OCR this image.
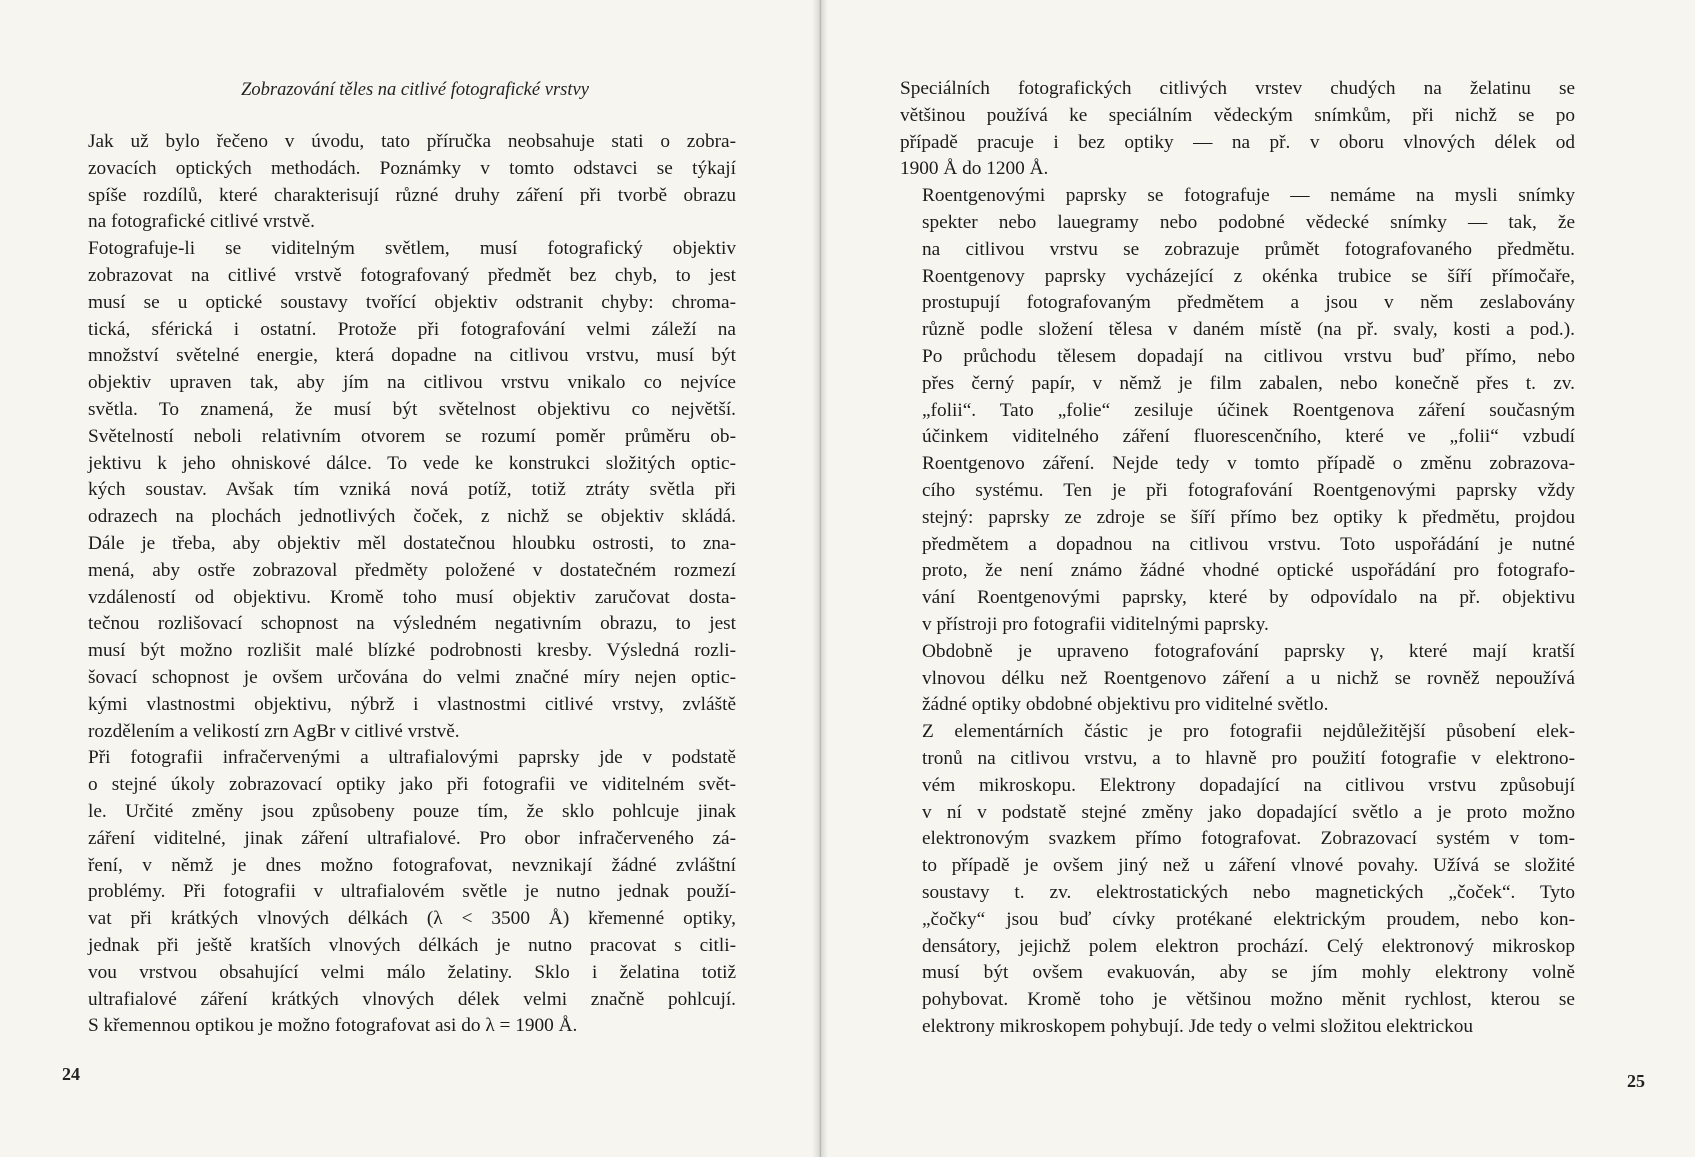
Zobrazování těles na citlivé fotografické vrstvy

Jak už bylo řečeno v úvodu, tato příručka neobsahuje stati o zobra-
zovacích optických methodách. Poznámky v tomto odstavci se týkají
spíše rozdílů, které charakterisují různé druhy záření při tvorbě obrazu
na fotografické citlivé vrstvě.

Fotografuje-li se viditelným světlem, musí fotografický objektiv
zobrazovat na citlivé vrstvě fotografovaný předmět bez chyb, to jest
musí se u optické soustavy tvořící objektiv odstranit chyby: chroma-
tická, sférická i ostatní. Protože při fotografování velmi záleží na
množství světelné energie, která dopadne na citlivou vrstvu, musí být
objektiv upraven tak, aby jím na citlivou vrstvu vnikalo co nejvíce
světla. To znamená, že musí být světelnost objektivu co největší.
Světelností neboli relativním otvorem se rozumí poměr průměru ob-
jektivu k jeho ohniskové dálce. To vede ke konstrukci složitých optic-
kých soustav. Avšak tím vzniká nová potíž, totiž ztráty světla při
odrazech na plochách jednotlivých čoček, z nichž se objektiv skládá.
Dále je třeba, aby objektiv měl dostatečnou hloubku ostrosti, to zna-
mená, aby ostře zobrazoval předměty položené v dostatečném rozmezí
vzdáleností od objektivu. Kromě toho musí objektiv zaručovat dosta-
tečnou rozlišovací schopnost na výsledném negativním obrazu, to jest
musí být možno rozlišit malé blízké podrobnosti kresby. Výsledná rozli-
šovací schopnost je ovšem určována do velmi značné míry nejen optic-
kými vlastnostmi objektivu, nýbrž i vlastnostmi citlivé vrstvy, zvláště
rozdělením a velikostí zrn AgBr v citlivé vrstvě.

Při fotografii infračervenými a ultrafialovými paprsky jde v podstatě
o stejné úkoly zobrazovací optiky jako při fotografii ve viditelném svět-
le. Určité změny jsou způsobeny pouze tím, že sklo pohlcuje jinak
záření viditelné, jinak záření ultrafialové. Pro obor infračerveného zá-
ření, v němž je dnes možno fotografovat, nevznikají žádné zvláštní
problémy. Při fotografii v ultrafialovém světle je nutno jednak použí-
vat při krátkých vlnových délkách (λ < 3500 Å) křemenné optiky,
jednak při ještě kratších vlnových délkách je nutno pracovat s citli-
vou vrstvou obsahující velmi málo želatiny. Sklo i želatina totiž
ultrafialové záření krátkých vlnových délek velmi značně pohlcují.
S křemennou optikou je možno fotografovat asi do λ = 1900 Å.

24

Speciálních fotografických citlivých vrstev chudých na želatinu se
většinou používá ke speciálním vědeckým snímkům, při nichž se po
případě pracuje i bez optiky — na př. v oboru vlnových délek od
1900 Å do 1200 Å.

Roentgenovými paprsky se fotografuje — nemáme na mysli snímky
spekter nebo lauegramy nebo podobné vědecké snímky — tak, že
na citlivou vrstvu se zobrazuje průmět fotografovaného předmětu.
Roentgenovy paprsky vycházející z okénka trubice se šíří přímočaře,
prostupují fotografovaným předmětem a jsou v něm zeslabovány
různě podle složení tělesa v daném místě (na př. svaly, kosti a pod.).
Po průchodu tělesem dopadají na citlivou vrstvu buď přímo, nebo
přes černý papír, v němž je film zabalen, nebo konečně přes t. zv.
„folii“. Tato „folie“ zesiluje účinek Roentgenova záření současným
účinkem viditelného záření fluorescenčního, které ve „folii“ vzbudí
Roentgenovo záření. Nejde tedy v tomto případě o změnu zobrazova-
cího systému. Ten je při fotografování Roentgenovými paprsky vždy
stejný: paprsky ze zdroje se šíří přímo bez optiky k předmětu, projdou
předmětem a dopadnou na citlivou vrstvu. Toto uspořádání je nutné
proto, že není známo žádné vhodné optické uspořádání pro fotografo-
vání Roentgenovými paprsky, které by odpovídalo na př. objektivu
v přístroji pro fotografii viditelnými paprsky.

Obdobně je upraveno fotografování paprsky γ, které mají kratší
vlnovou délku než Roentgenovo záření a u nichž se rovněž nepoužívá
žádné optiky obdobné objektivu pro viditelné světlo.

Z elementárních částic je pro fotografii nejdůležitější působení elek-
tronů na citlivou vrstvu, a to hlavně pro použití fotografie v elektrono-
vém mikroskopu. Elektrony dopadající na citlivou vrstvu způsobují
v ní v podstatě stejné změny jako dopadající světlo a je proto možno
elektronovým svazkem přímo fotografovat. Zobrazovací systém v tom-
to případě je ovšem jiný než u záření vlnové povahy. Užívá se složité
soustavy t. zv. elektrostatických nebo magnetických „čoček“. Tyto
„čočky“ jsou buď cívky protékané elektrickým proudem, nebo kon-
densátory, jejichž polem elektron prochází. Celý elektronový mikroskop
musí být ovšem evakuován, aby se jím mohly elektrony volně
pohybovat. Kromě toho je většinou možno měnit rychlost, kterou se
elektrony mikroskopem pohybují. Jde tedy o velmi složitou elektrickou

25
